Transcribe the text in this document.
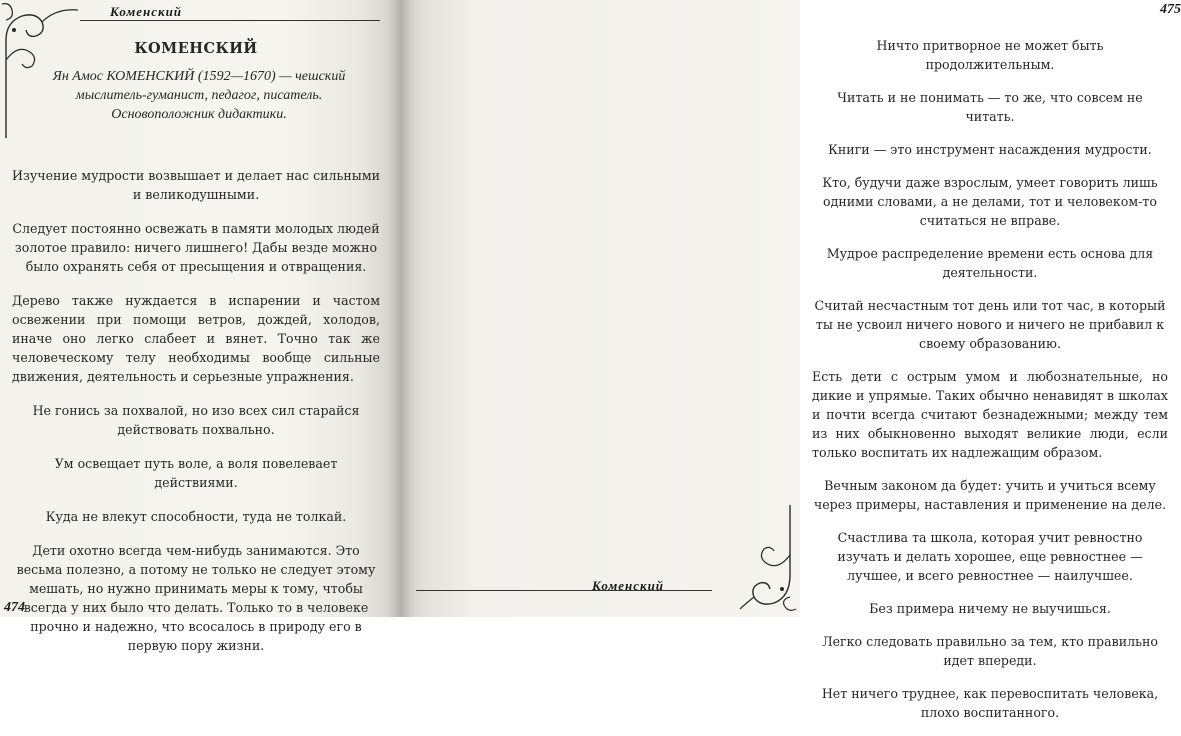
Коменский
КОМЕНСКИЙ
Ян Амос КОМЕНСКИЙ (1592—1670) — чешский мыслитель-гуманист, педагог, писатель. Основоположник дидактики.

Изучение мудрости возвышает и делает нас сильными и великодушными.

Следует постоянно освежать в памяти молодых людей золотое правило: ничего лишнего! Дабы везде можно было охранять себя от пресыщения и отвращения.

Дерево также нуждается в испарении и частом освежении при помощи ветров, дождей, холодов, иначе оно легко слабеет и вянет. Точно так же человеческому телу необходимы вообще сильные движения, деятельность и серьезные упражнения.

Не гонись за похвалой, но изо всех сил старайся действовать похвально.

Ум освещает путь воле, а воля повелевает действиями.

Куда не влекут способности, туда не толкай.

Дети охотно всегда чем-нибудь занимаются. Это весьма полезно, а потому не только не следует этому мешать, но нужно принимать меры к тому, чтобы всегда у них было что делать. Только то в человеке прочно и надежно, что всосалось в природу его в первую пору жизни.

474
475

Ничто притворное не может быть продолжительным.

Читать и не понимать — то же, что совсем не читать.

Книги — это инструмент насаждения мудрости.

Кто, будучи даже взрослым, умеет говорить лишь одними словами, а не делами, тот и человеком-то считаться не вправе.

Мудрое распределение времени есть основа для деятельности.

Считай несчастным тот день или тот час, в который ты не усвоил ничего нового и ничего не прибавил к своему образованию.

Есть дети с острым умом и любознательные, но дикие и упрямые. Таких обычно ненавидят в школах и почти всегда считают безнадежными; между тем из них обыкновенно выходят великие люди, если только воспитать их надлежащим образом.

Вечным законом да будет: учить и учиться всему через примеры, наставления и применение на деле.

Счастлива та школа, которая учит ревностно изучать и делать хорошее, еще ревностнее — лучшее, и всего ревностнее — наилучшее.

Без примера ничему не выучишься.

Легко следовать правильно за тем, кто правильно идет впереди.

Нет ничего труднее, как перевоспитать человека, плохо воспитанного.

Коменский
